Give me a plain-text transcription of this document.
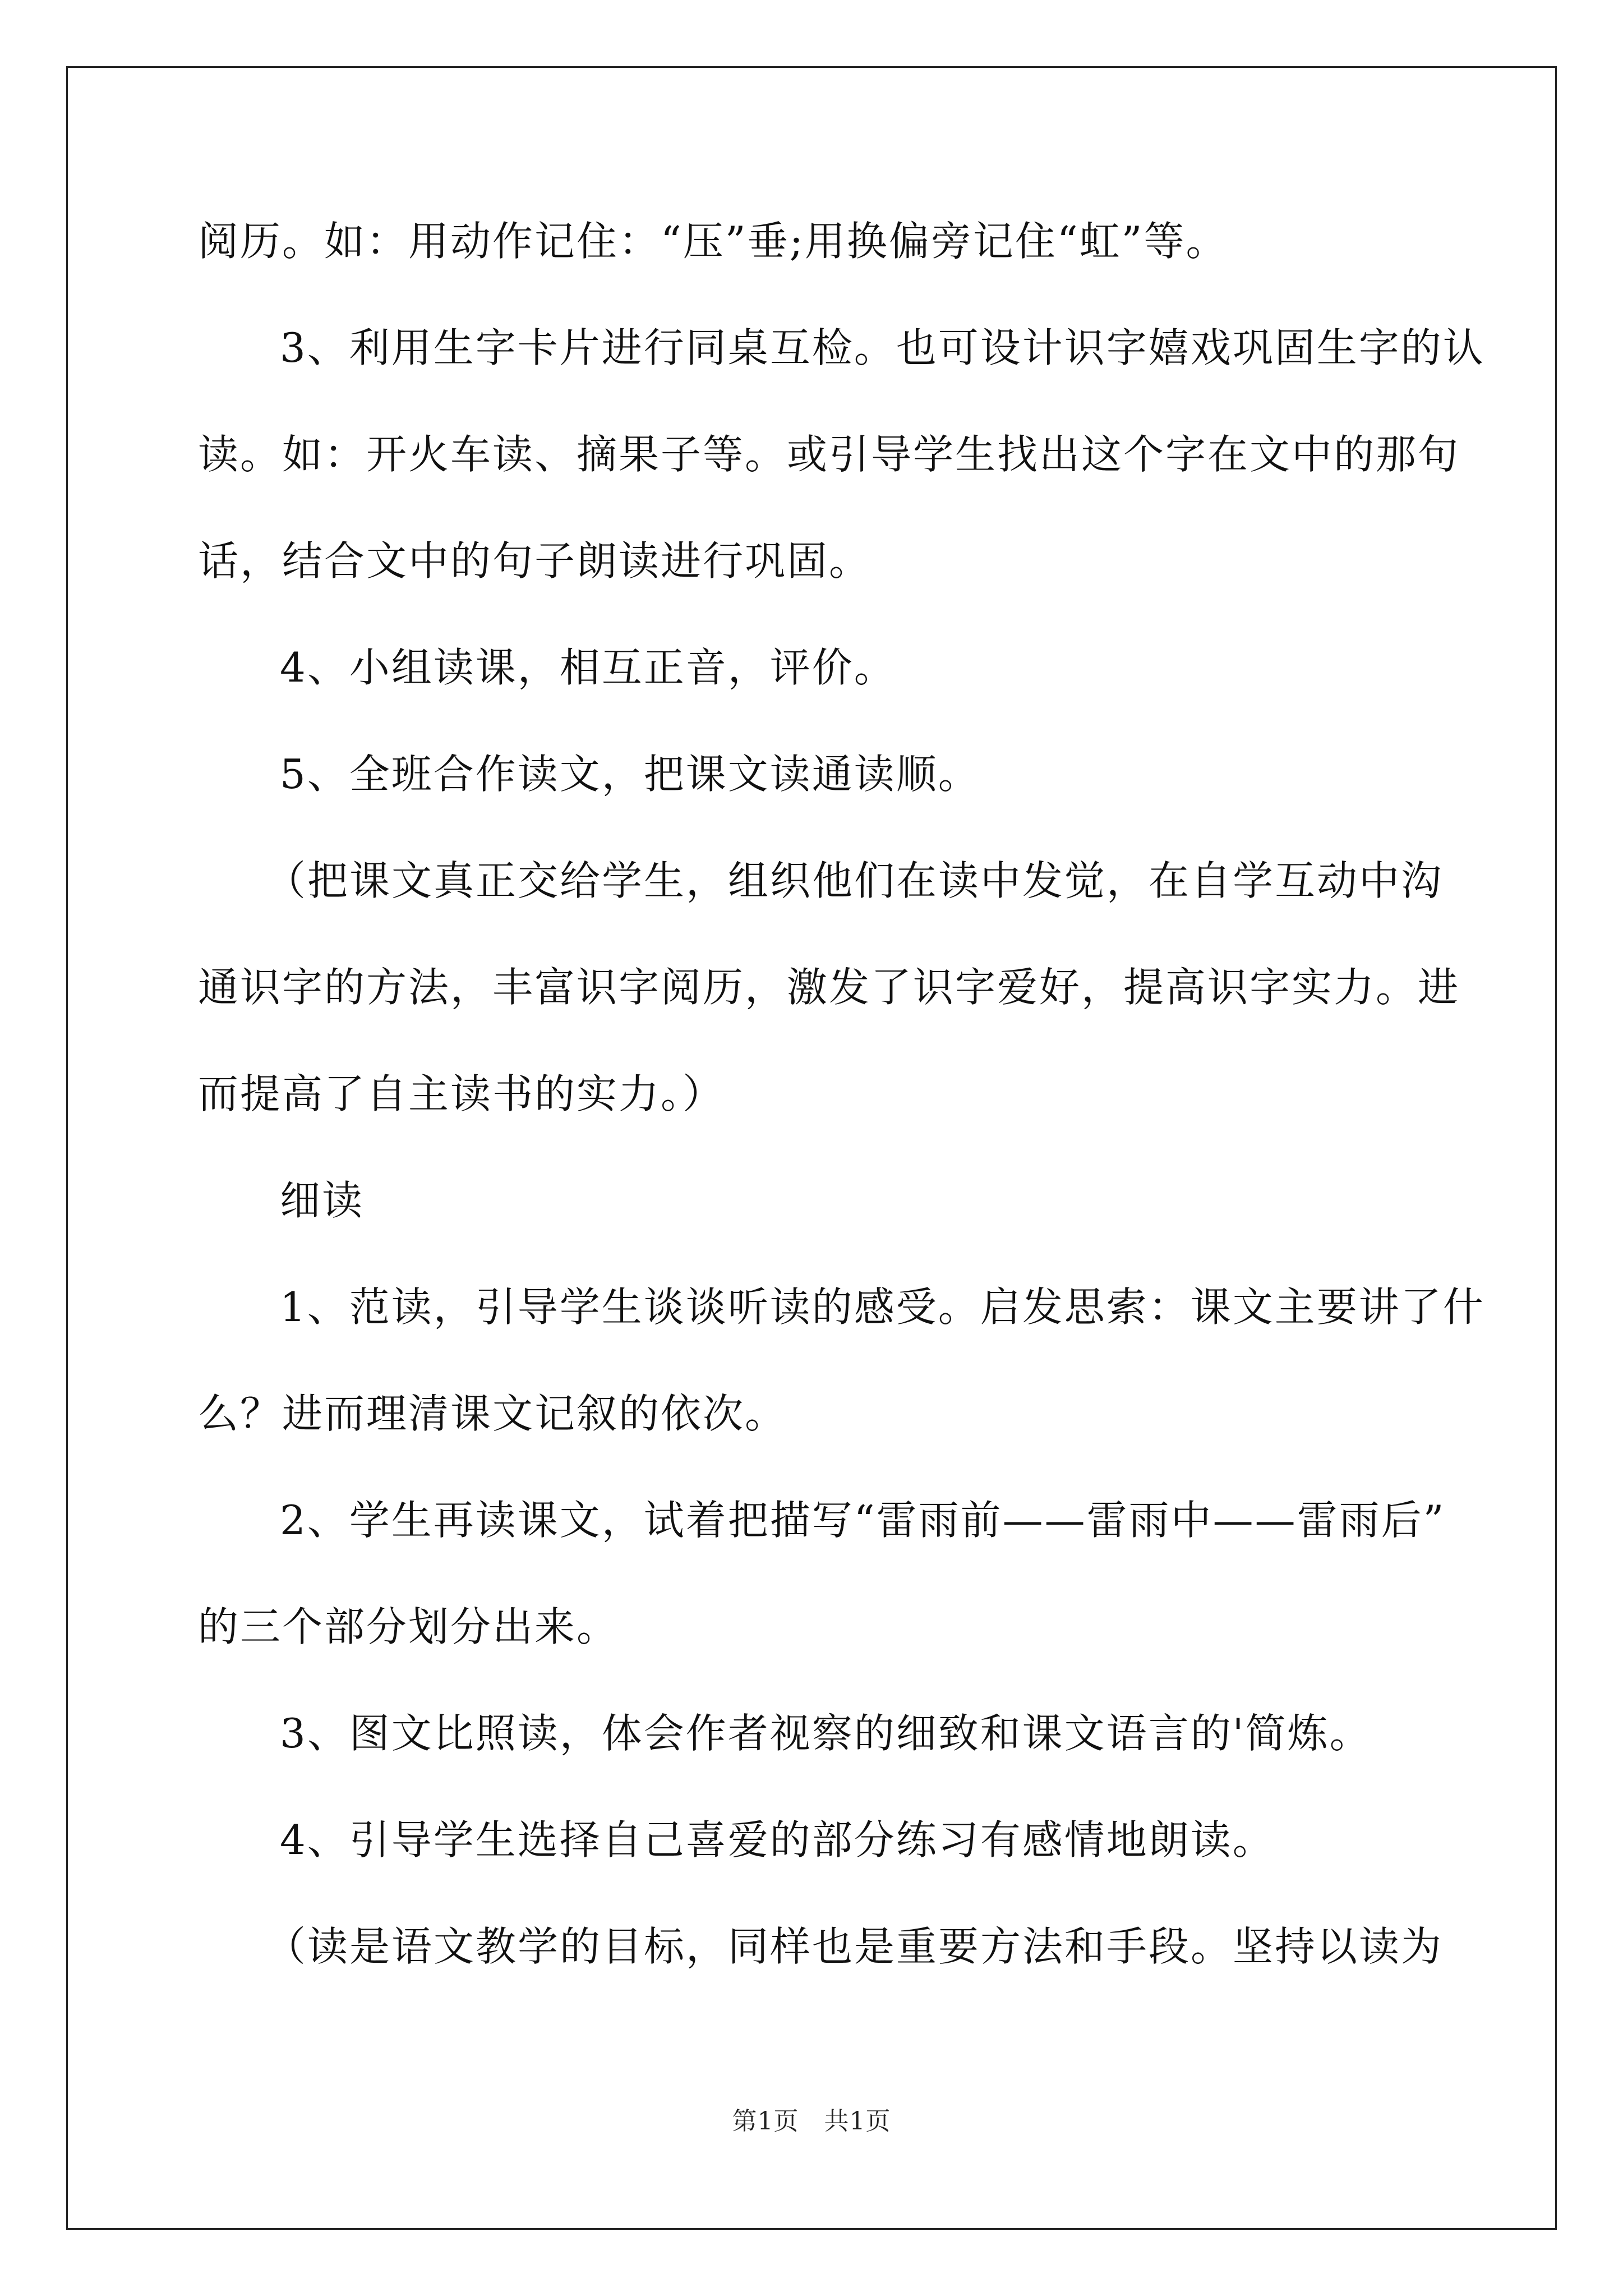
阅历。如：用动作记住：“压”垂;用换偏旁记住“虹”等。
3、利用生字卡片进行同桌互检。也可设计识字嬉戏巩固生字的认
读。如：开火车读、摘果子等。或引导学生找出这个字在文中的那句
话，结合文中的句子朗读进行巩固。
4、小组读课，相互正音，评价。
5、全班合作读文，把课文读通读顺。
（把课文真正交给学生，组织他们在读中发觉，在自学互动中沟
通识字的方法，丰富识字阅历，激发了识字爱好，提高识字实力。进
而提高了自主读书的实力。）
细读
1、范读，引导学生谈谈听读的感受。启发思索：课文主要讲了什
么？进而理清课文记叙的依次。
2、学生再读课文，试着把描写“雷雨前——雷雨中——雷雨后”
的三个部分划分出来。
3、图文比照读，体会作者视察的细致和课文语言的'简炼。
4、引导学生选择自己喜爱的部分练习有感情地朗读。
（读是语文教学的目标，同样也是重要方法和手段。坚持以读为
第1页　共1页
